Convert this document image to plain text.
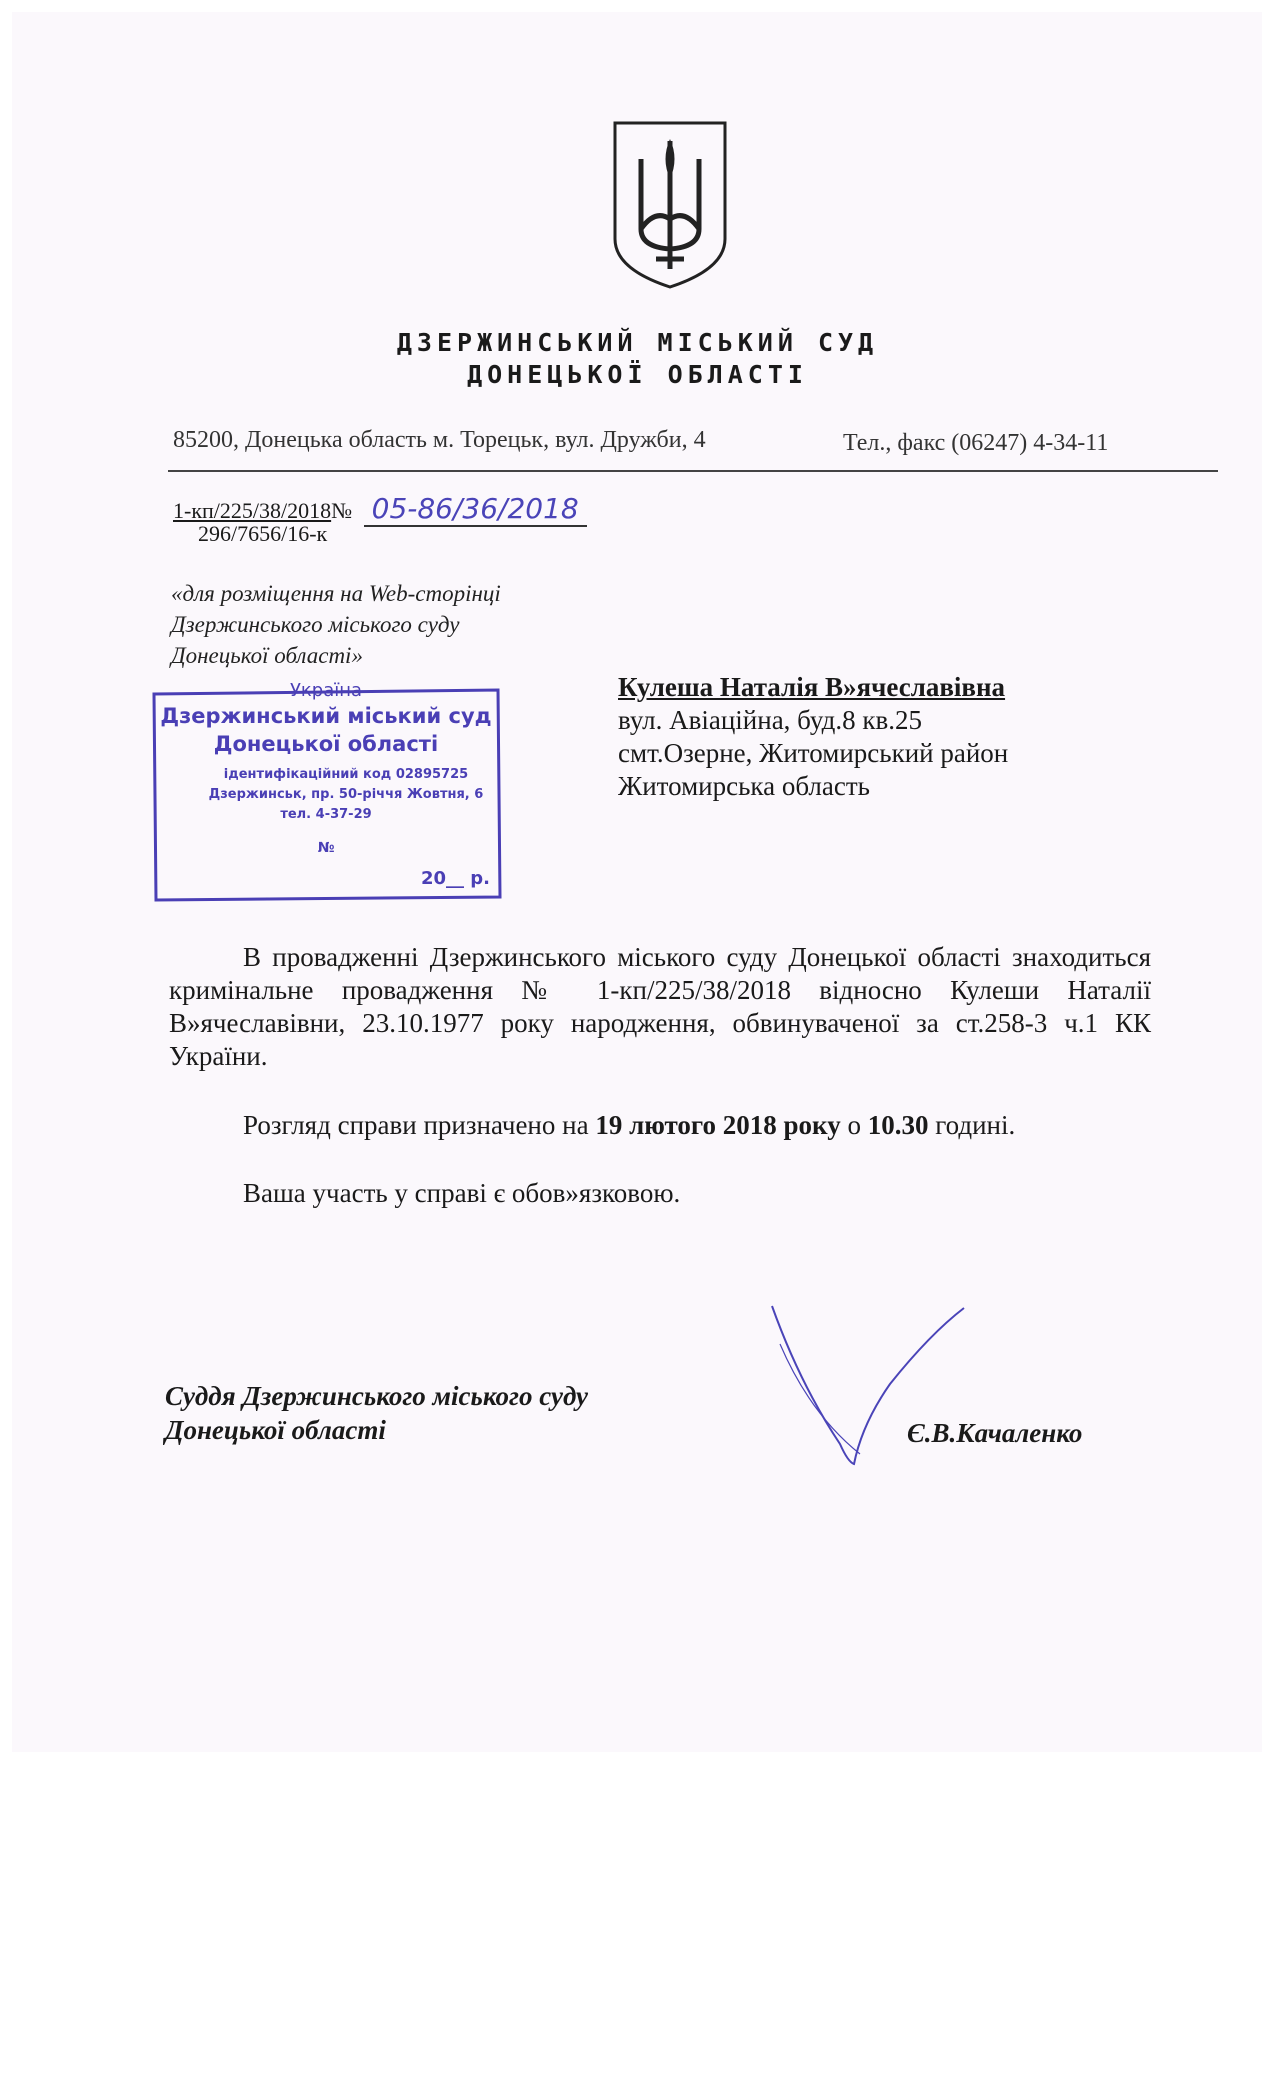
ДЗЕРЖИНСЬКИЙ МІСЬКИЙ СУД
ДОНЕЦЬКОЇ ОБЛАСТІ
85200, Донецька область м. Торецьк, вул. Дружби, 4	Тел., факс (06247) 4-34-11
1-кп/225/38/2018№ 05-86/36/2018
296/7656/16-к
«для розміщення на Web-сторінці
Дзержинського міського суду
Донецької області»
Україна
Дзержинський міський суд
Донецької області
ідентифікаційний код 02895725
Дзержинськ, пр. 50-річчя Жовтня, 6
тел. 4-37-29
№
20__ р.
Кулеша Наталія В»ячеславівна
вул. Авіаційна, буд.8 кв.25
смт.Озерне, Житомирський район
Житомирська область
В провадженні Дзержинського міського суду Донецької області знаходиться кримінальне провадження № 1-кп/225/38/2018 відносно Кулеши Наталії В»ячеславівни, 23.10.1977 року народження, обвинуваченої за ст.258-3 ч.1 КК України.
Розгляд справи призначено на 19 лютого 2018 року о 10.30 годині.
Ваша участь у справі є обов»язковою.
Суддя Дзержинського міського суду
Донецької області	Є.В.Качаленко
